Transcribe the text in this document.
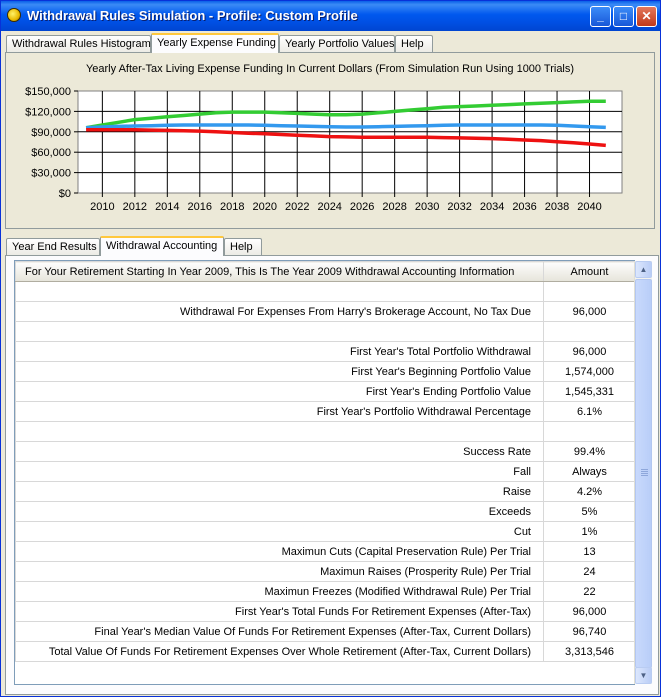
Withdrawal Rules Simulation - Profile: Custom Profile	_	□	✕
Withdrawal Rules Histogram Yearly Expense Funding Yearly Portfolio Values Help
Yearly After-Tax Living Expense Funding In Current Dollars (From Simulation Run Using 1000 Trials)
$0
$30,000
$60,000
$90,000
$120,000
$150,000
2010 2012 2014 2016 2018 2020 2022 2024 2026 2028 2030 2032 2034 2036 2038 2040
Year End Results Withdrawal Accounting	Help
For Your Retirement Starting In Year 2009, This Is The Year 2009 Withdrawal Accounting Information	Amount

Withdrawal For Expenses From Harry's Brokerage Account, No Tax Due	96,000

First Year's Total Portfolio Withdrawal	96,000
First Year's Beginning Portfolio Value	1,574,000
First Year's Ending Portfolio Value	1,545,331
First Year's Portfolio Withdrawal Percentage	6.1%

Success Rate	99.4%
Fall	Always
Raise	4.2%
Exceeds	5%
Cut	1%
Maximun Cuts (Capital Preservation Rule) Per Trial	13
Maximun Raises (Prosperity Rule) Per Trial	24
Maximun Freezes (Modified Withdrawal Rule) Per Trial	22
First Year's Total Funds For Retirement Expenses (After-Tax)	96,000
Final Year's Median Value Of Funds For Retirement Expenses (After-Tax, Current Dollars)	96,740
Total Value Of Funds For Retirement Expenses Over Whole Retirement (After-Tax, Current Dollars)	3,313,546
▲
▼
